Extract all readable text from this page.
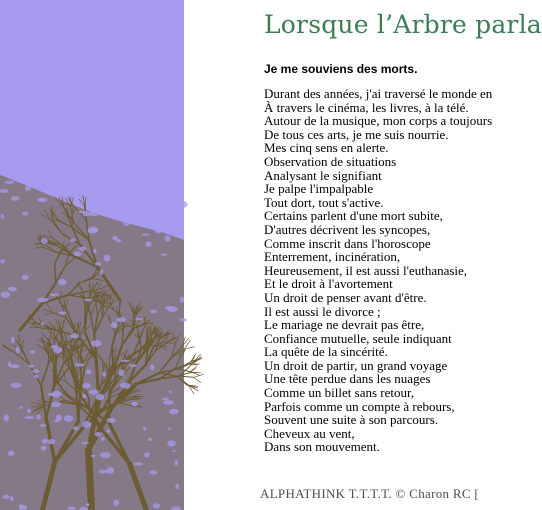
Lorsque l’Arbre parla
Je me souviens des morts.
Durant des années, j'ai traversé le monde en
À travers le cinéma, les livres, à la télé.
Autour de la musique, mon corps a toujours
De tous ces arts, je me suis nourrie.
Mes cinq sens en alerte.
Observation de situations
Analysant le signifiant
Je palpe l'impalpable
Tout dort, tout s'active.
Certains parlent d'une mort subite,
D'autres décrivent les syncopes,
Comme inscrit dans l'horoscope
Enterrement, incinération,
Heureusement, il est aussi l'euthanasie,
Et le droit à l'avortement
Un droit de penser avant d'être.
Il est aussi le divorce ;
Le mariage ne devrait pas être,
Confiance mutuelle, seule indiquant
La quête de la sincérité.
Un droit de partir, un grand voyage
Une tête perdue dans les nuages
Comme un billet sans retour,
Parfois comme un compte à rebours,
Souvent une suite à son parcours.
Cheveux au vent,
Dans son mouvement.
ALPHATHINK T.T.T.T. © Charon RC [
